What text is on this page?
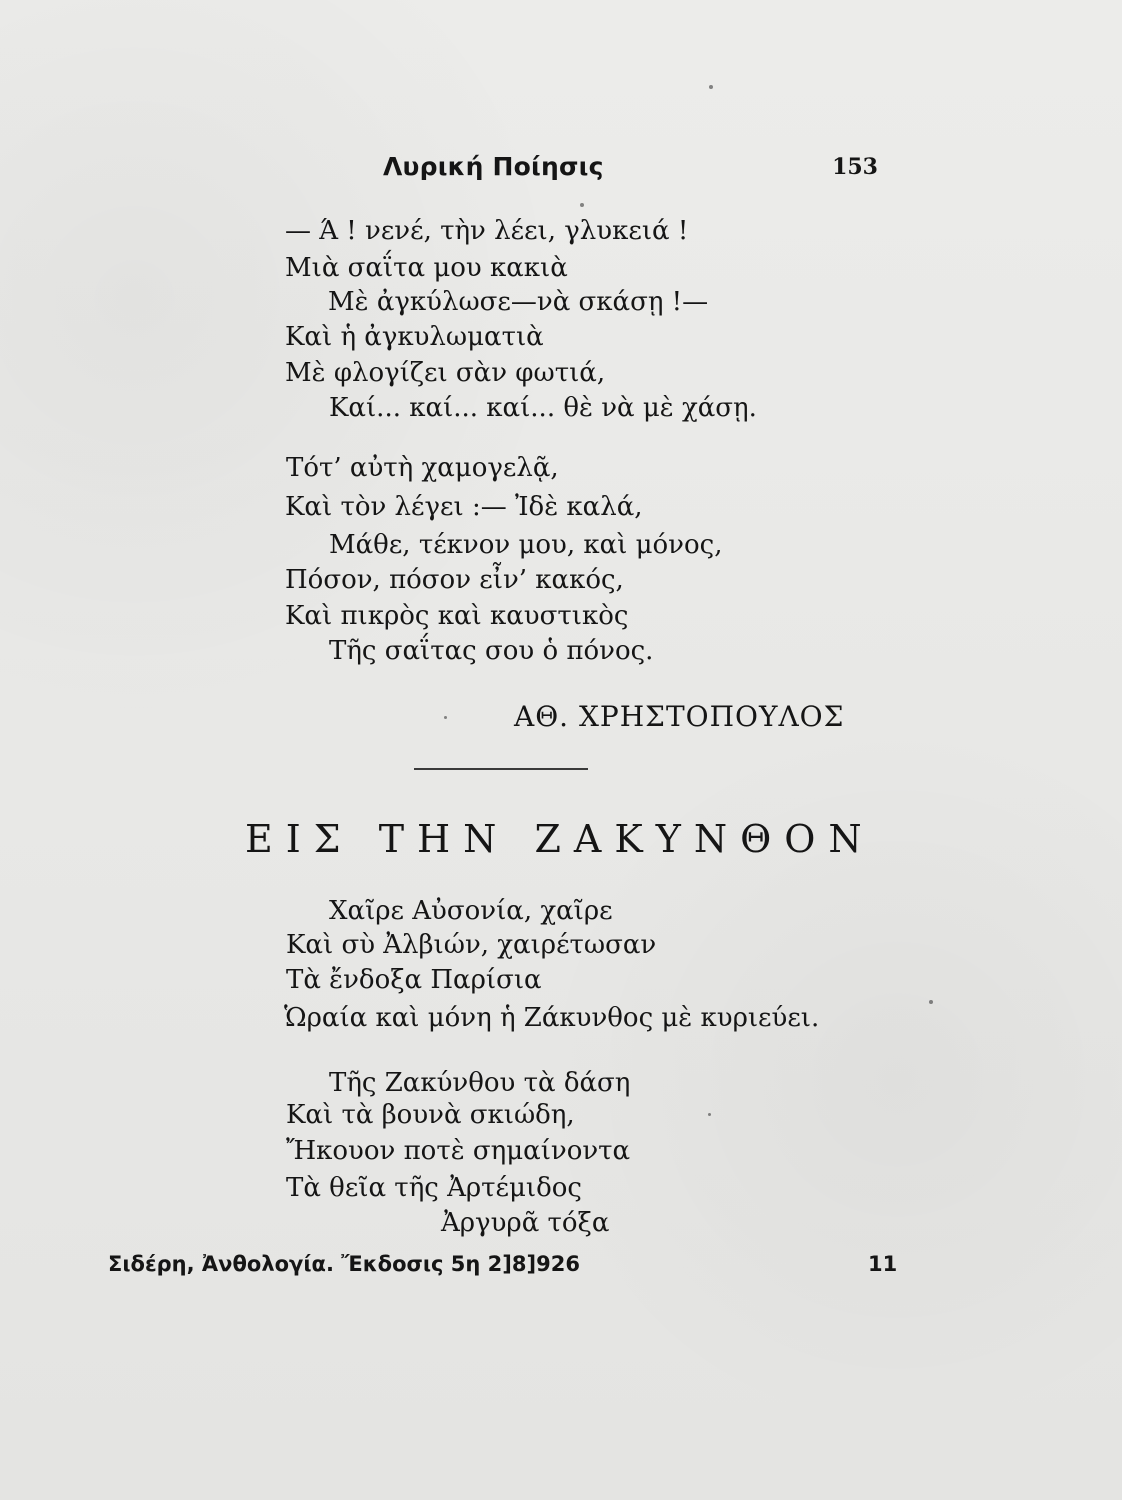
Λυρική Ποίησις	153
— Ά ! νενέ, τὴν λέει, γλυκειά !
Μιὰ σαΐτα μου κακιὰ
Μὲ ἀγκύλωσε—νὰ σκάσῃ !—
Καὶ ἡ ἀγκυλωματιὰ
Μὲ φλογίζει σὰν φωτιά,
Καί... καί... καί... θὲ νὰ μὲ χάσῃ.
Τότ’ αὐτὴ χαμογελᾷ,
Καὶ τὸν λέγει :— Ἰδὲ καλά,
Μάθε, τέκνον μου, καὶ μόνος,
Πόσον, πόσον εἶν’ κακός,
Καὶ πικρὸς καὶ καυστικὸς
Τῆς σαΐτας σου ὁ πόνος.
ΑΘ. ΧΡΗΣΤΟΠΟΥΛΟΣ
ΕΙΣ ΤΗΝ ΖΑΚΥΝΘΟΝ
Χαῖρε Αὐσονία, χαῖρε
Καὶ σὺ Ἀλβιών, χαιρέτωσαν
Τὰ ἔνδοξα Παρίσια
Ὡραία καὶ μόνη ἡ Ζάκυνθος μὲ κυριεύει.
Τῆς Ζακύνθου τὰ δάση
Καὶ τὰ βουνὰ σκιώδη,
Ἤκουον ποτὲ σημαίνοντα
Τὰ θεῖα τῆς Ἀρτέμιδος
Ἀργυρᾶ τόξα
Σιδέρη, Ἀνθολογία. Ἔκδοσις 5η 2]8]926	11
